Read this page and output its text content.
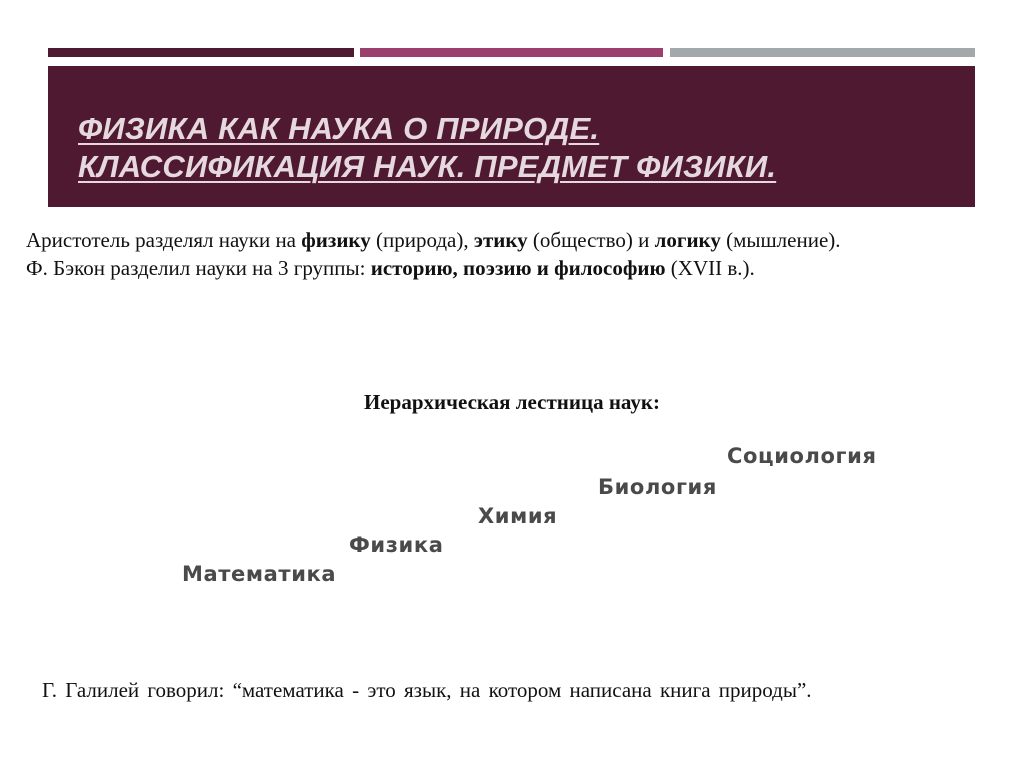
ФИЗИКА КАК НАУКА О ПРИРОДЕ.
КЛАССИФИКАЦИЯ НАУК. ПРЕДМЕТ ФИЗИКИ.

Аристотель разделял науки на физику (природа), этику (общество) и логику (мышление).

Ф. Бэкон разделил науки на 3 группы: историю, поэзию и философию (XVII в.).

Иерархическая лестница наук:
Математика
Физика
Химия
Биология
Социология
Г. Галилей говорил: “математика - это язык, на котором написана книга природы”.
